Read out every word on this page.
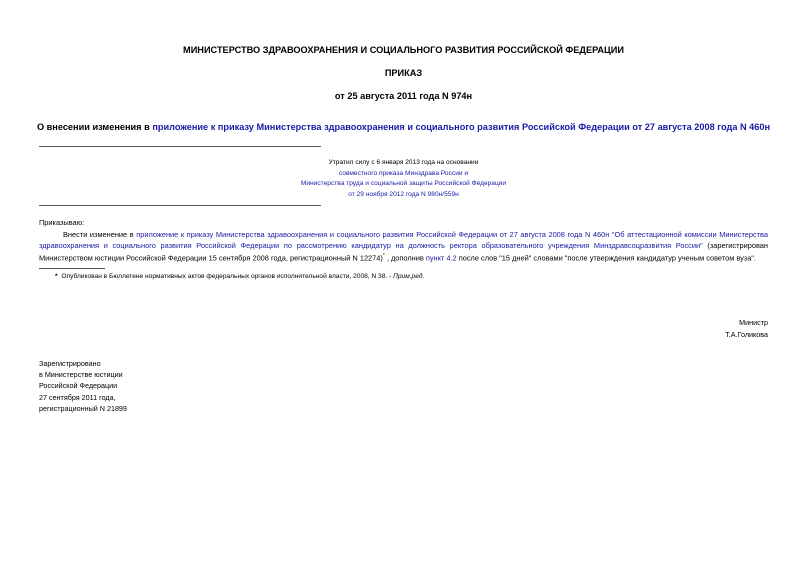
МИНИСТЕРСТВО ЗДРАВООХРАНЕНИЯ И СОЦИАЛЬНОГО РАЗВИТИЯ РОССИЙСКОЙ ФЕДЕРАЦИИ
ПРИКАЗ
от 25 августа 2011 года N 974н
О внесении изменения в приложение к приказу Министерства здравоохранения и социального развития Российской Федерации от 27 августа 2008 года N 460н
Утратил силу с 6 января 2013 года на основании
совместного приказа Минздрава России и
Министерства труда и социальной защиты Российской Федерации
от 29 ноября 2012 года N 980н/559н
Приказываю:
Внести изменение в приложение к приказу Министерства здравоохранения и социального развития Российской Федерации от 27 августа 2008 года N 460н "Об аттестационной комиссии Министерства здравоохранения и социального развития Российской Федерации по рассмотрению кандидатур на должность ректора образовательного учреждения Минздравсоцразвития России" (зарегистрирован Министерством юстиции Российской Федерации 15 сентября 2008 года, регистрационный N 12274)* , дополнив пункт 4.2 после слов "15 дней" словами "после утверждения кандидатур ученым советом вуза".
* Опубликован в Бюллетене нормативных актов федеральных органов исполнительной власти, 2008, N 38. - Прим.ред.
Министр
Т.А.Голикова
Зарегистрировано
в Министерстве юстиции
Российской Федерации
27 сентября 2011 года,
регистрационный N 21899
